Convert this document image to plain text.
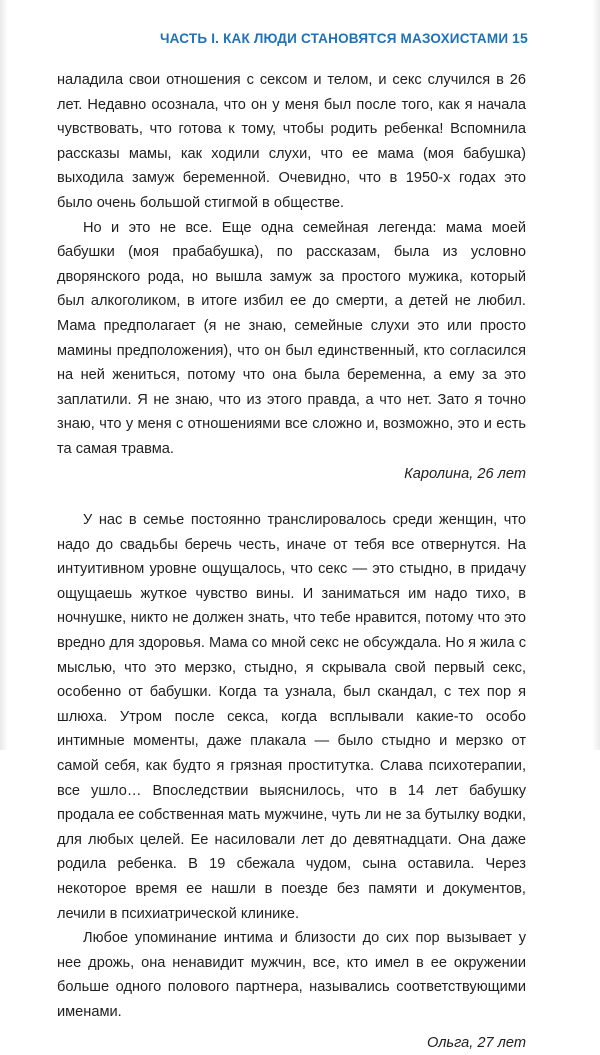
ЧАСТЬ I. КАК ЛЮДИ СТАНОВЯТСЯ МАЗОХИСТАМИ 15

наладила свои отношения с сексом и телом, и секс случился в 26 лет. Недавно осознала, что он у меня был после того, как я начала чувствовать, что готова к тому, чтобы родить ребенка! Вспомнила рассказы мамы, как ходили слухи, что ее мама (моя бабушка) выходила замуж беременной. Очевидно, что в 1950-х годах это было очень большой стигмой в обществе.

Но и это не все. Еще одна семейная легенда: мама моей бабушки (моя прабабушка), по рассказам, была из условно дворянского рода, но вышла замуж за простого мужика, который был алкоголиком, в итоге избил ее до смерти, а детей не любил. Мама предполагает (я не знаю, семейные слухи это или просто мамины предположения), что он был единственный, кто согласился на ней жениться, потому что она была беременна, а ему за это заплатили. Я не знаю, что из этого правда, а что нет. Зато я точно знаю, что у меня с отношениями все сложно и, возможно, это и есть та самая травма.

Каролина, 26 лет

У нас в семье постоянно транслировалось среди женщин, что надо до свадьбы беречь честь, иначе от тебя все отвернутся. На интуитивном уровне ощущалось, что секс — это стыдно, в придачу ощущаешь жуткое чувство вины. И заниматься им надо тихо, в ночнушке, никто не должен знать, что тебе нравится, потому что это вредно для здоровья. Мама со мной секс не обсуждала. Но я жила с мыслью, что это мерзко, стыдно, я скрывала свой первый секс, особенно от бабушки. Когда та узнала, был скандал, с тех пор я шлюха. Утром после секса, когда всплывали какие-то особо интимные моменты, даже плакала — было стыдно и мерзко от самой себя, как будто я грязная проститутка. Слава психотерапии, все ушло… Впоследствии выяснилось, что в 14 лет бабушку продала ее собственная мать мужчине, чуть ли не за бутылку водки, для любых целей. Ее насиловали лет до девятнадцати. Она даже родила ребенка. В 19 сбежала чудом, сына оставила. Через некоторое время ее нашли в поезде без памяти и документов, лечили в психиатрической клинике.

Любое упоминание интима и близости до сих пор вызывает у нее дрожь, она ненавидит мужчин, все, кто имел в ее окружении больше одного полового партнера, назывались соответствующими именами.

Ольга, 27 лет
